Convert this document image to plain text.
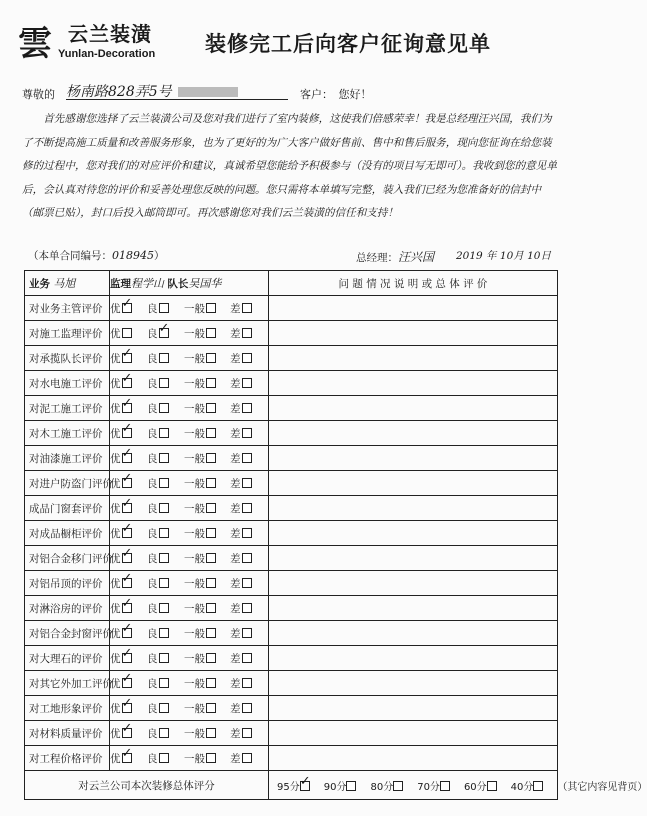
雲 云兰装潢
Yunlan-Decoration 装修完工后向客户征询意见单
尊敬的 杨南路828弄5号	客户：　您好！

首先感谢您选择了云兰装潢公司及您对我们进行了室内装修，这使我们倍感荣幸！我是总经理汪兴国，我们为了不断提高施工质量和改善服务形象，也为了更好的为广大客户做好售前、售中和售后服务，现向您征询在给您装修的过程中，您对我们的对应评价和建议，真诚希望您能给予积极参与（没有的项目写无即可）。我收到您的意见单后，会认真对待您的评价和妥善处理您反映的问题。您只需将本单填写完整，装入我们已经为您准备好的信封中（邮票已贴），封口后投入邮筒即可。再次感谢您对我们云兰装潢的信任和支持！

（本单合同编号：018945）	总经理：汪兴国 2019 年 10月 10日
业务 马旭	监理程学山 队长吴国华	问 题 情 况 说 明 或 总 体 评 价
对业务主管评价	优 ✓ 良 一般 差	
对施工监理评价	优 良 ✓ 一般 差	
对承揽队长评价	优 ✓ 良 一般 差	
对水电施工评价	优 ✓ 良 一般 差	
对泥工施工评价	优 ✓ 良 一般 差	
对木工施工评价	优 ✓ 良 一般 差	
对油漆施工评价	优 ✓ 良 一般 差	
对进户防盗门评价	优 ✓ 良 一般 差	
成品门窗套评价	优 ✓ 良 一般 差	
对成品橱柜评价	优 ✓ 良 一般 差	
对铝合金移门评价	优 ✓ 良 一般 差	
对铝吊顶的评价	优 ✓ 良 一般 差	
对淋浴房的评价	优 ✓ 良 一般 差	
对铝合金封窗评价	优 ✓ 良 一般 差	
对大理石的评价	优 ✓ 良 一般 差	
对其它外加工评价	优 ✓ 良 一般 差	
对工地形象评价	优 ✓ 良 一般 差	
对材料质量评价	优 ✓ 良 一般 差	
对工程价格评价	优 ✓ 良 一般 差	
对云兰公司本次装修总体评分		95分 ✓ 90分 80分 70分 60分 40分 （其它内容见背页）
